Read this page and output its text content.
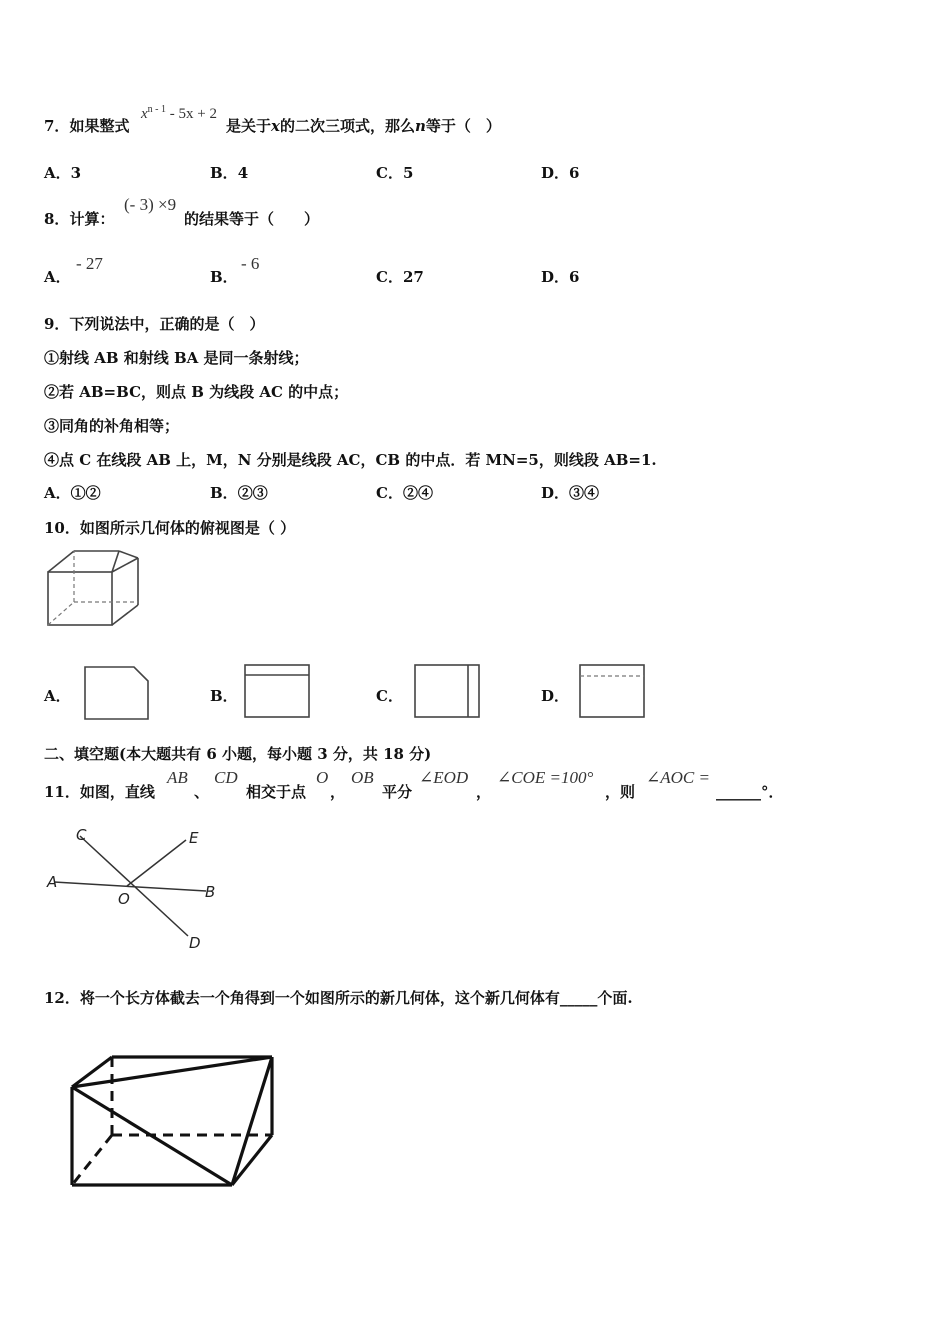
7．如果整式
$x^{n - 1} - 5x + 2$
是关于x的二次三项式，那么n等于（　）
A．3	B．4	C．5	D．6
8．计算：
(- 3) ×9
的结果等于（　　）
A．
- 27
B．
- 6
C．27	D．6
9．下列说法中，正确的是（　）
①射线 AB 和射线 BA 是同一条射线；
②若 AB=BC，则点 B 为线段 AC 的中点；
③同角的补角相等；
④点 C 在线段 AB 上，M，N 分别是线段 AC，CB 的中点．若 MN=5，则线段 AB=1.
A．①②	B．②③	C．②④	D．③④
10．如图所示几何体的俯视图是（ ）
A．	B．	C．	D．
二、填空题(本大题共有 6 小题，每小题 3 分，共 18 分)
11．如图，直线
AB
、
CD
相交于点
O
，
OB
平分
∠EOD
，
∠COE =100°
，则
∠AOC =
______°．
C	E
A
B
O
D
12．将一个长方体截去一个角得到一个如图所示的新几何体，这个新几何体有_____个面.
